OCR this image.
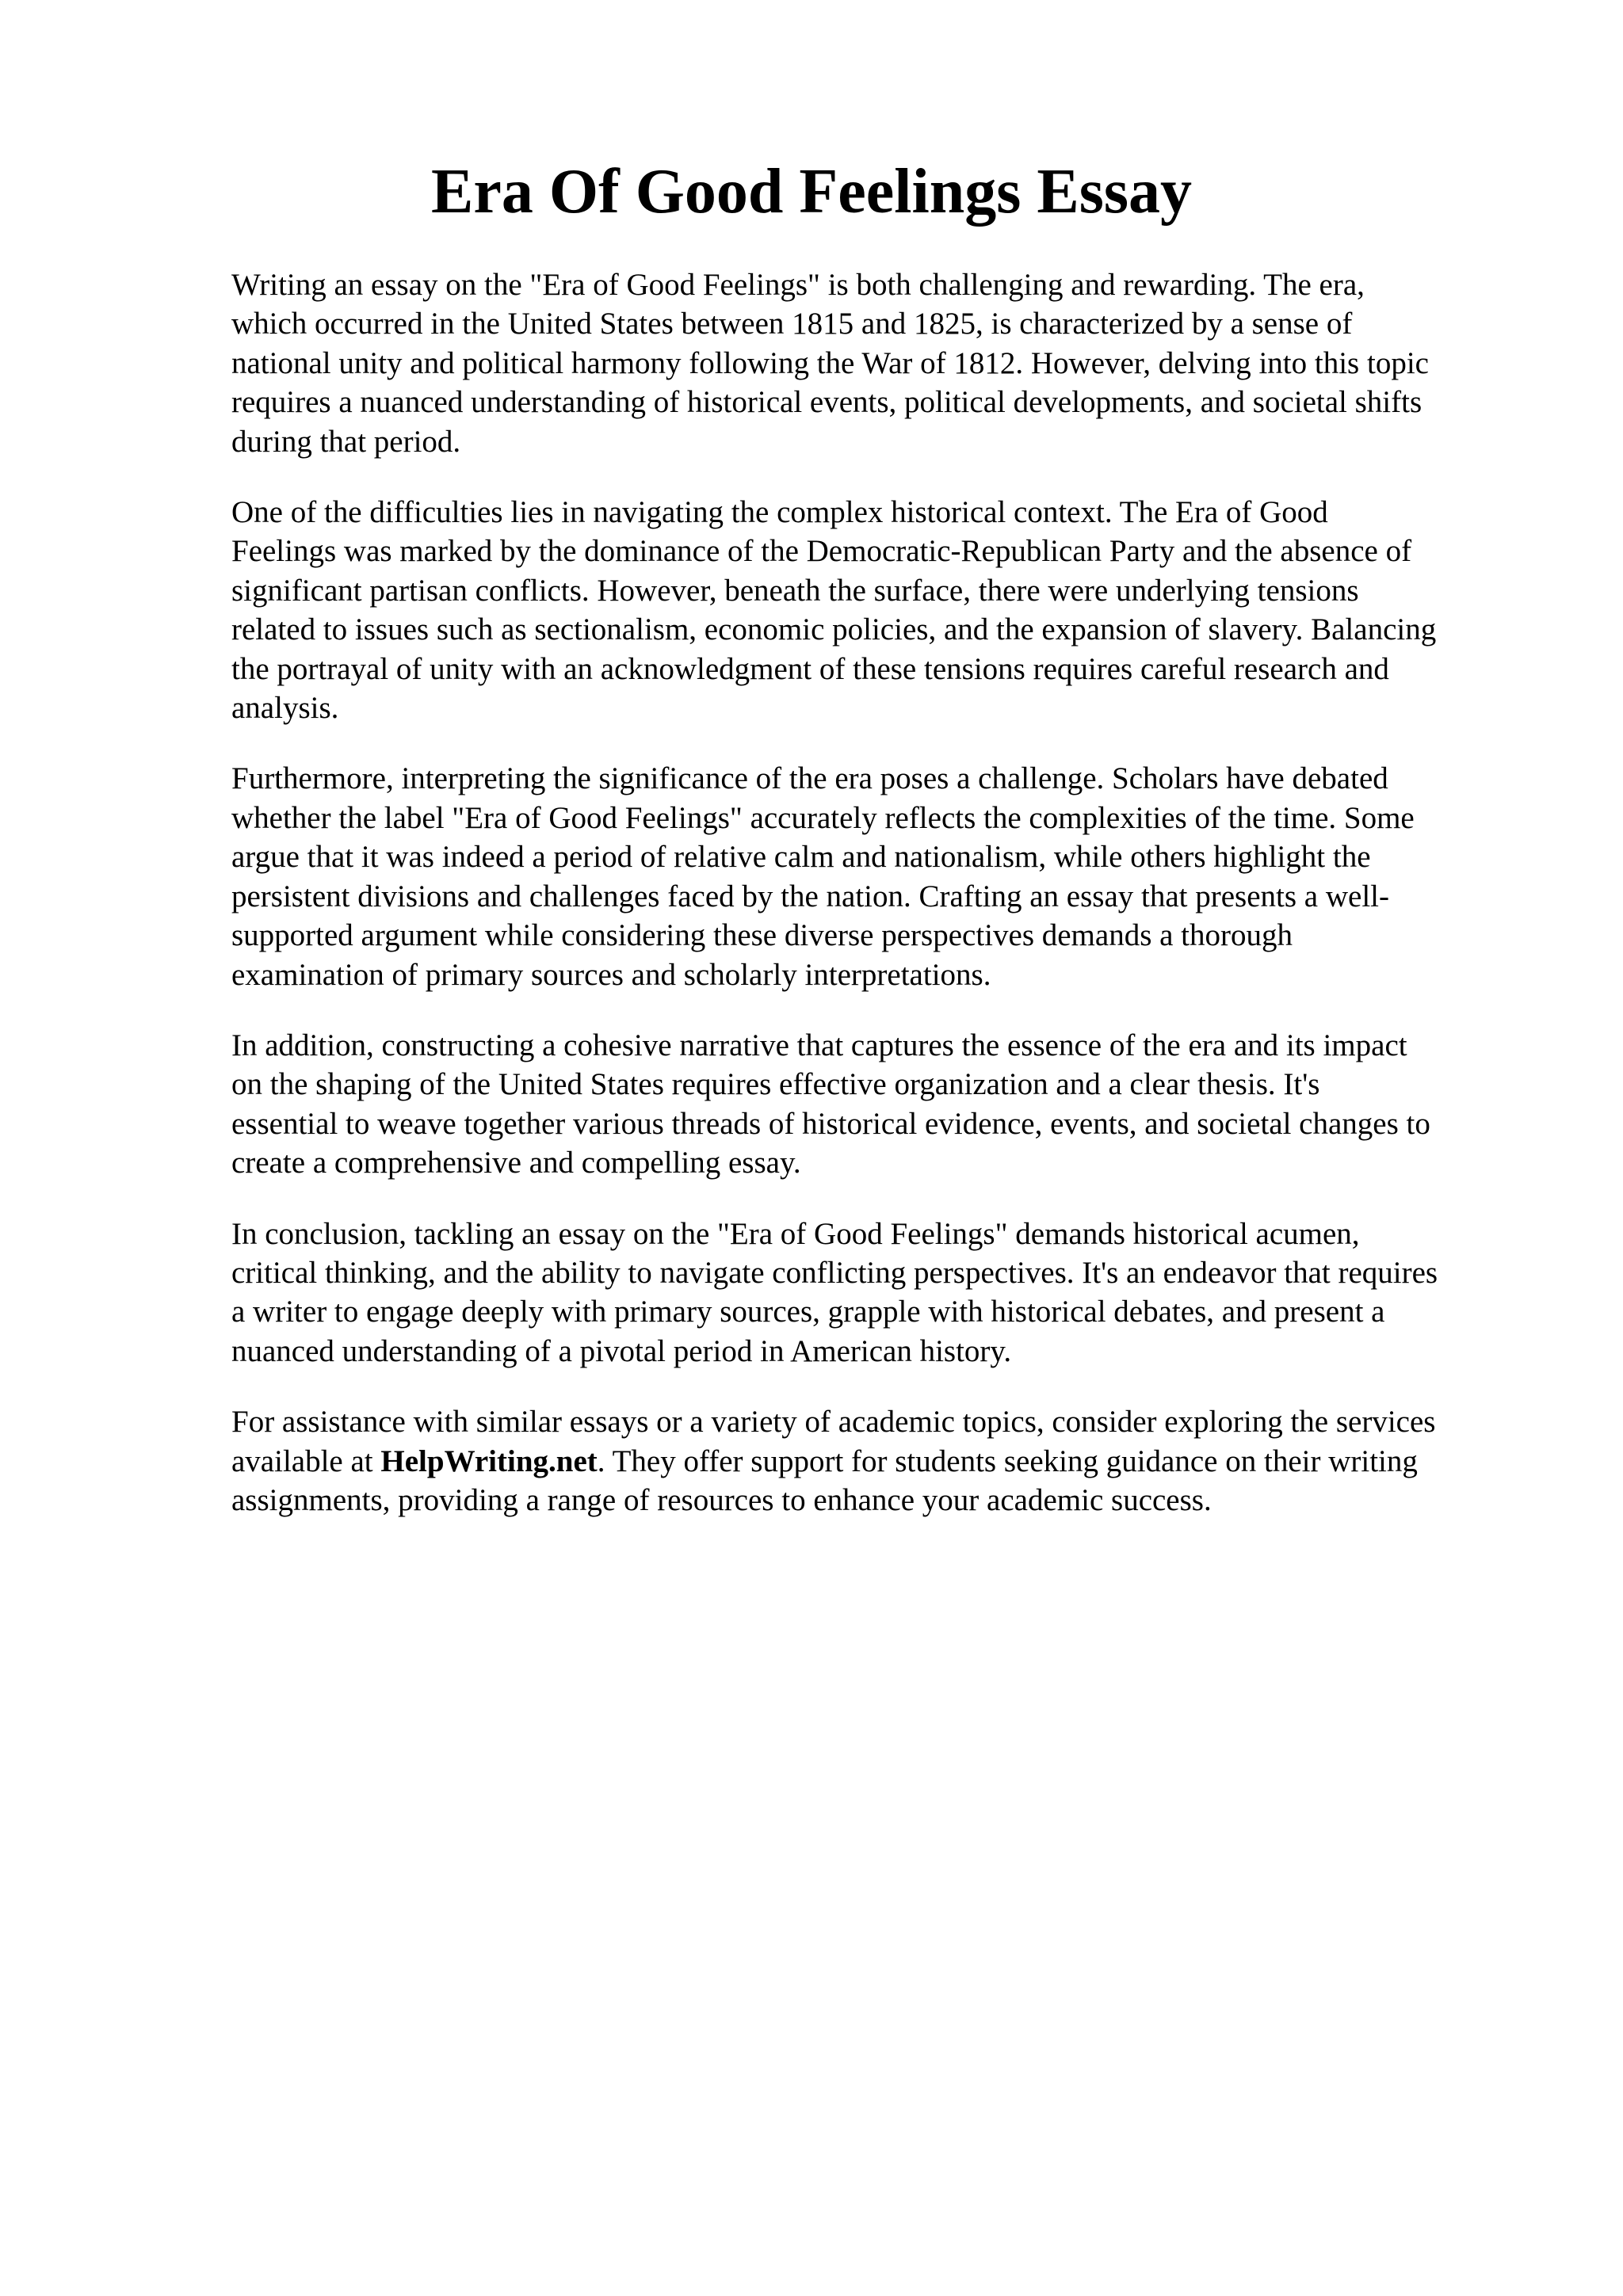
Era Of Good Feelings Essay

Writing an essay on the "Era of Good Feelings" is both challenging and rewarding. The era,
which occurred in the United States between 1815 and 1825, is characterized by a sense of
national unity and political harmony following the War of 1812. However, delving into this topic
requires a nuanced understanding of historical events, political developments, and societal shifts
during that period.

One of the difficulties lies in navigating the complex historical context. The Era of Good
Feelings was marked by the dominance of the Democratic-Republican Party and the absence of
significant partisan conflicts. However, beneath the surface, there were underlying tensions
related to issues such as sectionalism, economic policies, and the expansion of slavery. Balancing
the portrayal of unity with an acknowledgment of these tensions requires careful research and
analysis.

Furthermore, interpreting the significance of the era poses a challenge. Scholars have debated
whether the label "Era of Good Feelings" accurately reflects the complexities of the time. Some
argue that it was indeed a period of relative calm and nationalism, while others highlight the
persistent divisions and challenges faced by the nation. Crafting an essay that presents a well-
supported argument while considering these diverse perspectives demands a thorough
examination of primary sources and scholarly interpretations.

In addition, constructing a cohesive narrative that captures the essence of the era and its impact
on the shaping of the United States requires effective organization and a clear thesis. It's
essential to weave together various threads of historical evidence, events, and societal changes to
create a comprehensive and compelling essay.

In conclusion, tackling an essay on the "Era of Good Feelings" demands historical acumen,
critical thinking, and the ability to navigate conflicting perspectives. It's an endeavor that requires
a writer to engage deeply with primary sources, grapple with historical debates, and present a
nuanced understanding of a pivotal period in American history.

For assistance with similar essays or a variety of academic topics, consider exploring the services
available at HelpWriting.net. They offer support for students seeking guidance on their writing
assignments, providing a range of resources to enhance your academic success.
